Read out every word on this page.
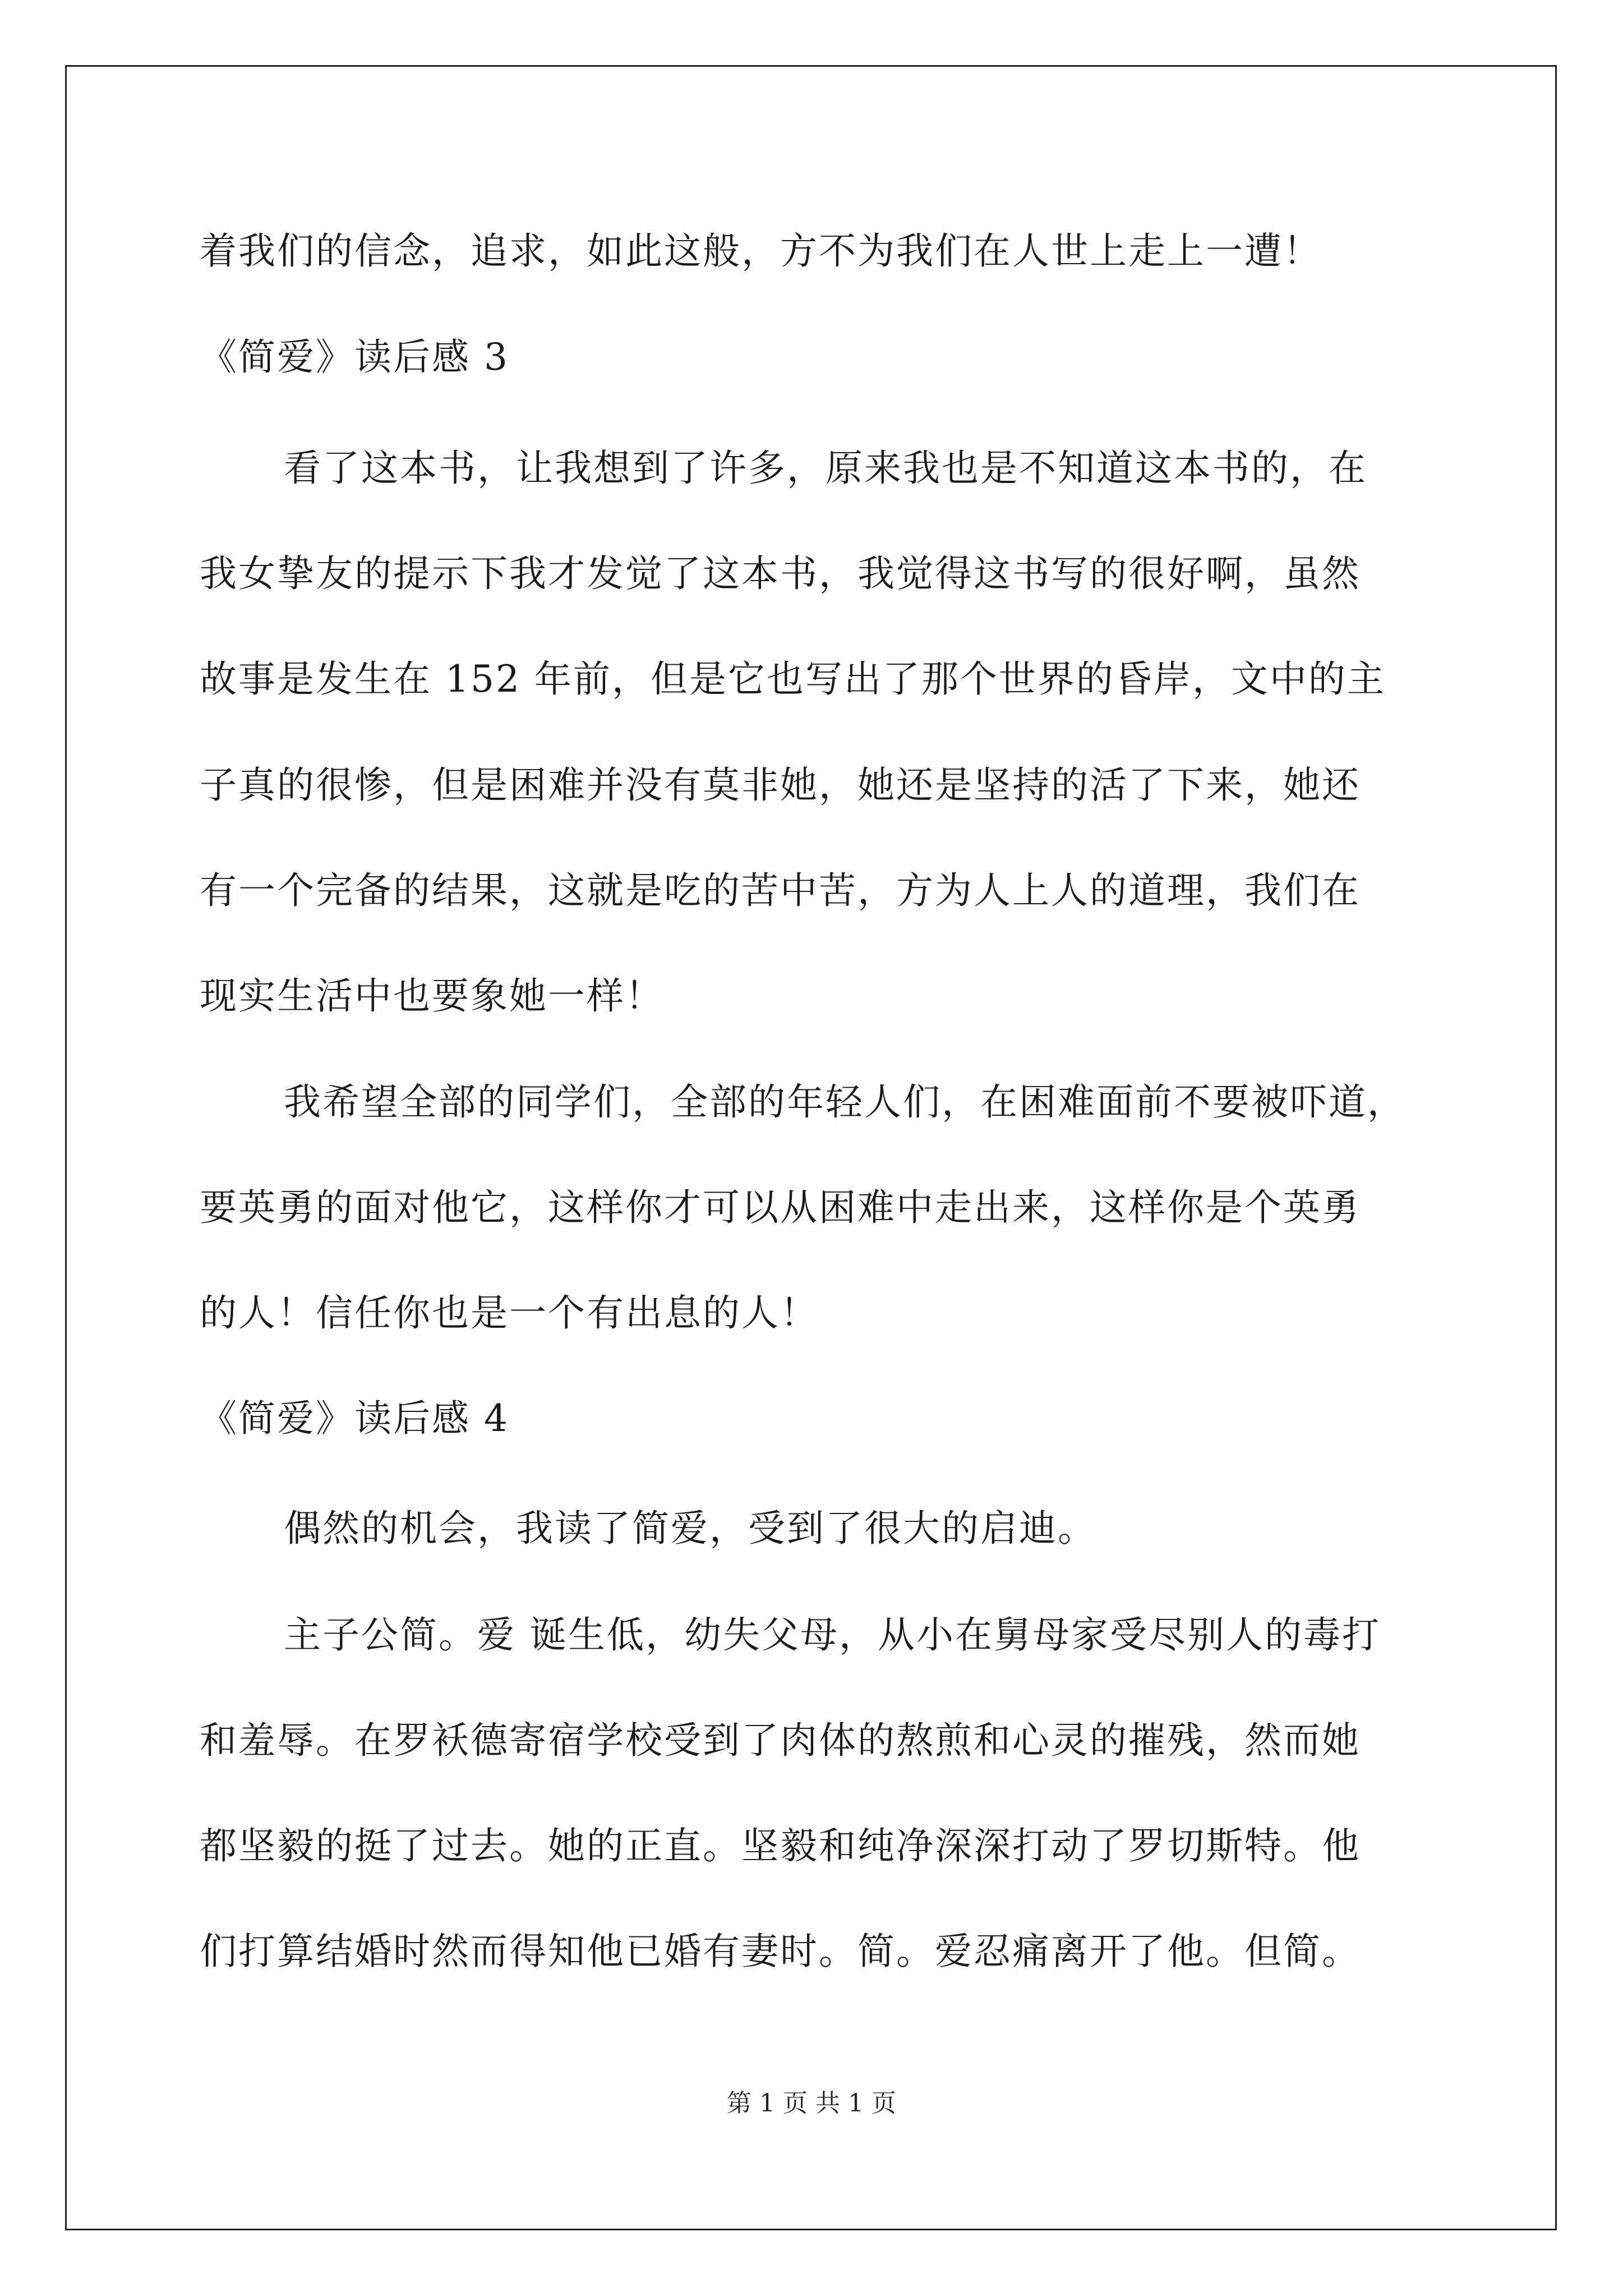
着我们的信念，追求，如此这般，方不为我们在人世上走上一遭！
《简爱》读后感 3
看了这本书，让我想到了许多，原来我也是不知道这本书的，在
我女挚友的提示下我才发觉了这本书，我觉得这书写的很好啊，虽然
故事是发生在 152 年前，但是它也写出了那个世界的昏岸，文中的主
子真的很惨，但是困难并没有莫非她，她还是坚持的活了下来，她还
有一个完备的结果，这就是吃的苦中苦，方为人上人的道理，我们在
现实生活中也要象她一样！
我希望全部的同学们，全部的年轻人们，在困难面前不要被吓道，
要英勇的面对他它，这样你才可以从困难中走出来，这样你是个英勇
的人！信任你也是一个有出息的人！
《简爱》读后感 4
偶然的机会，我读了简爱，受到了很大的启迪。
主子公简。爱 诞生低，幼失父母，从小在舅母家受尽别人的毒打
和羞辱。在罗袄德寄宿学校受到了肉体的熬煎和心灵的摧残，然而她
都坚毅的挺了过去。她的正直。坚毅和纯净深深打动了罗切斯特。他
们打算结婚时然而得知他已婚有妻时。简。爱忍痛离开了他。但简。
第 1 页 共 1 页
